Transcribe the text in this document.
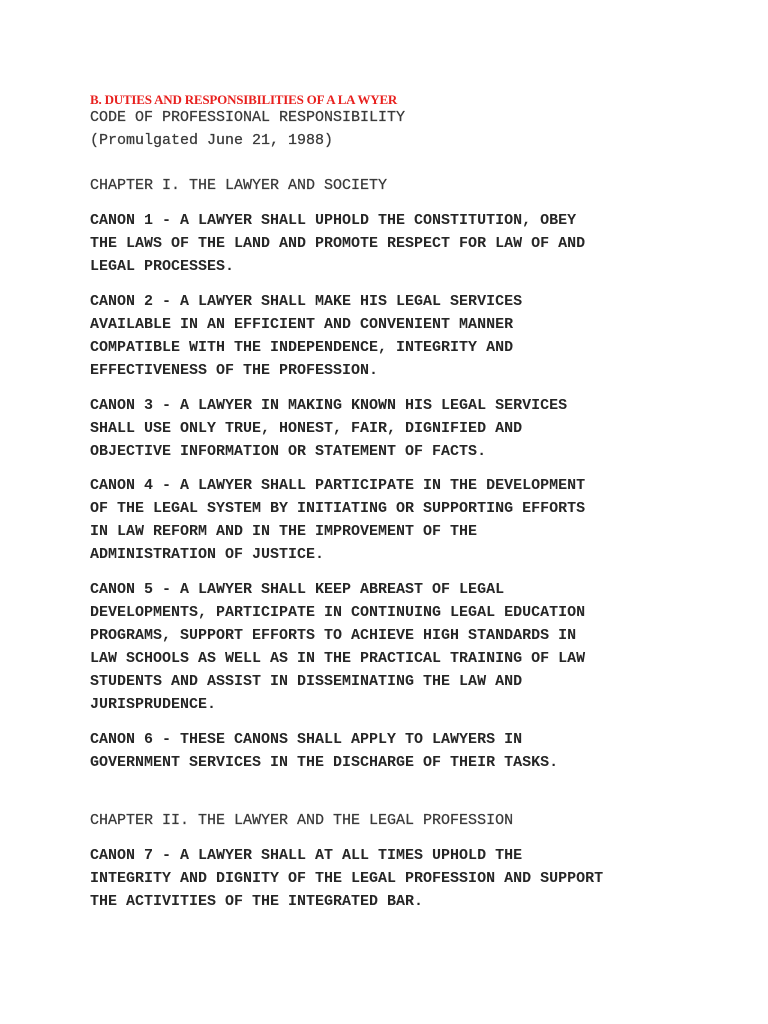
B. DUTIES AND RESPONSIBILITIES OF A LA WYER

CODE OF PROFESSIONAL RESPONSIBILITY

(Promulgated June 21, 1988)

CHAPTER I. THE LAWYER AND SOCIETY

CANON 1 - A LAWYER SHALL UPHOLD THE CONSTITUTION, OBEY
THE LAWS OF THE LAND AND PROMOTE RESPECT FOR LAW OF AND
LEGAL PROCESSES.

CANON 2 - A LAWYER SHALL MAKE HIS LEGAL SERVICES
AVAILABLE IN AN EFFICIENT AND CONVENIENT MANNER
COMPATIBLE WITH THE INDEPENDENCE, INTEGRITY AND
EFFECTIVENESS OF THE PROFESSION.

CANON 3 - A LAWYER IN MAKING KNOWN HIS LEGAL SERVICES
SHALL USE ONLY TRUE, HONEST, FAIR, DIGNIFIED AND
OBJECTIVE INFORMATION OR STATEMENT OF FACTS.

CANON 4 - A LAWYER SHALL PARTICIPATE IN THE DEVELOPMENT
OF THE LEGAL SYSTEM BY INITIATING OR SUPPORTING EFFORTS
IN LAW REFORM AND IN THE IMPROVEMENT OF THE
ADMINISTRATION OF JUSTICE.

CANON 5 - A LAWYER SHALL KEEP ABREAST OF LEGAL
DEVELOPMENTS, PARTICIPATE IN CONTINUING LEGAL EDUCATION
PROGRAMS, SUPPORT EFFORTS TO ACHIEVE HIGH STANDARDS IN
LAW SCHOOLS AS WELL AS IN THE PRACTICAL TRAINING OF LAW
STUDENTS AND ASSIST IN DISSEMINATING THE LAW AND
JURISPRUDENCE.

CANON 6 - THESE CANONS SHALL APPLY TO LAWYERS IN
GOVERNMENT SERVICES IN THE DISCHARGE OF THEIR TASKS.

CHAPTER II. THE LAWYER AND THE LEGAL PROFESSION

CANON 7 - A LAWYER SHALL AT ALL TIMES UPHOLD THE
INTEGRITY AND DIGNITY OF THE LEGAL PROFESSION AND SUPPORT
THE ACTIVITIES OF THE INTEGRATED BAR.
